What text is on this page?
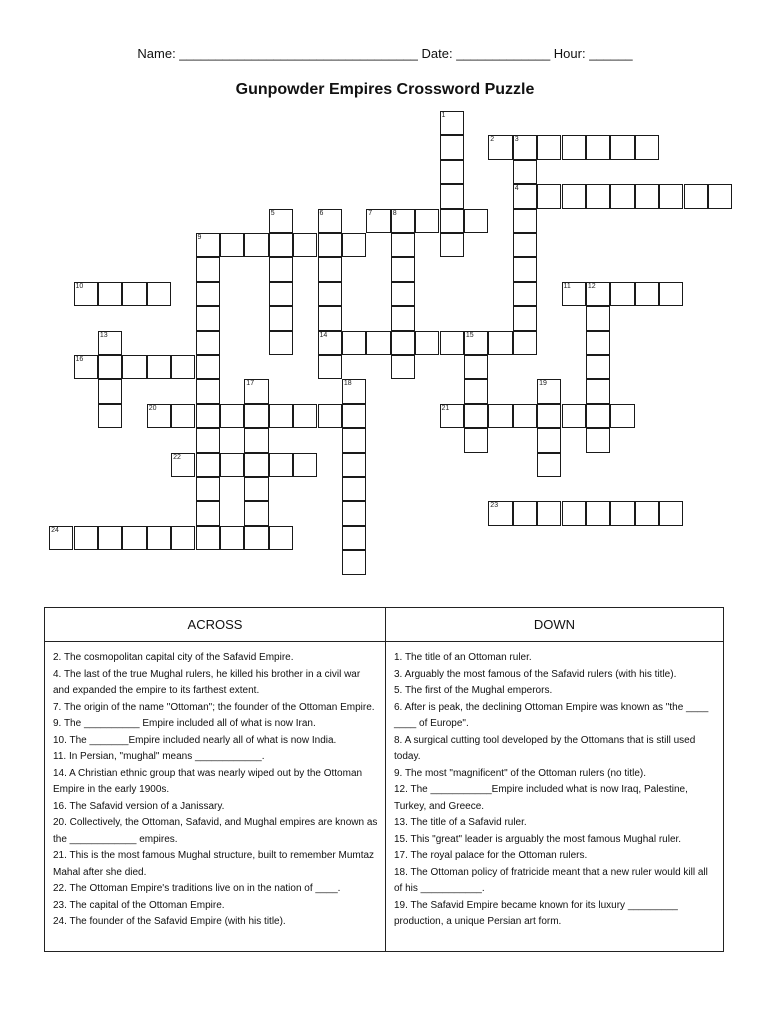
Name: _________________________________ Date: _____________ Hour: ______
Gunpowder Empires Crossword Puzzle
1
2	3
4
5	6
14
7	8
9
10	11 12
13	15
16
17	18	19
20	21
22
23
24
ACROSS

2. The cosmopolitan capital city of the Safavid Empire.

4. The last of the true Mughal rulers, he killed his brother in a civil war and expanded the empire to its farthest extent.

7. The origin of the name "Ottoman"; the founder of the Ottoman Empire.

9. The __________ Empire included all of what is now Iran.

10. The _______Empire included nearly all of what is now India.

11. In Persian, "mughal" means ____________.

14. A Christian ethnic group that was nearly wiped out by the Ottoman Empire in the early 1900s.

16. The Safavid version of a Janissary.

20. Collectively, the Ottoman, Safavid, and Mughal empires are known as the ____________ empires.

21. This is the most famous Mughal structure, built to remember Mumtaz Mahal after she died.

22. The Ottoman Empire's traditions live on in the nation of ____.

23. The capital of the Ottoman Empire.

24. The founder of the Safavid Empire (with his title).

DOWN

1. The title of an Ottoman ruler.

3. Arguably the most famous of the Safavid rulers (with his title).

5. The first of the Mughal emperors.

6. After is peak, the declining Ottoman Empire was known as "the ____ ____ of Europe".

8. A surgical cutting tool developed by the Ottomans that is still used today.

9. The most "magnificent" of the Ottoman rulers (no title).

12. The ___________Empire included what is now Iraq, Palestine, Turkey, and Greece.

13. The title of a Safavid ruler.

15. This "great" leader is arguably the most famous Mughal ruler.

17. The royal palace for the Ottoman rulers.

18. The Ottoman policy of fratricide meant that a new ruler would kill all of his ___________.

19. The Safavid Empire became known for its luxury _________ production, a unique Persian art form.
